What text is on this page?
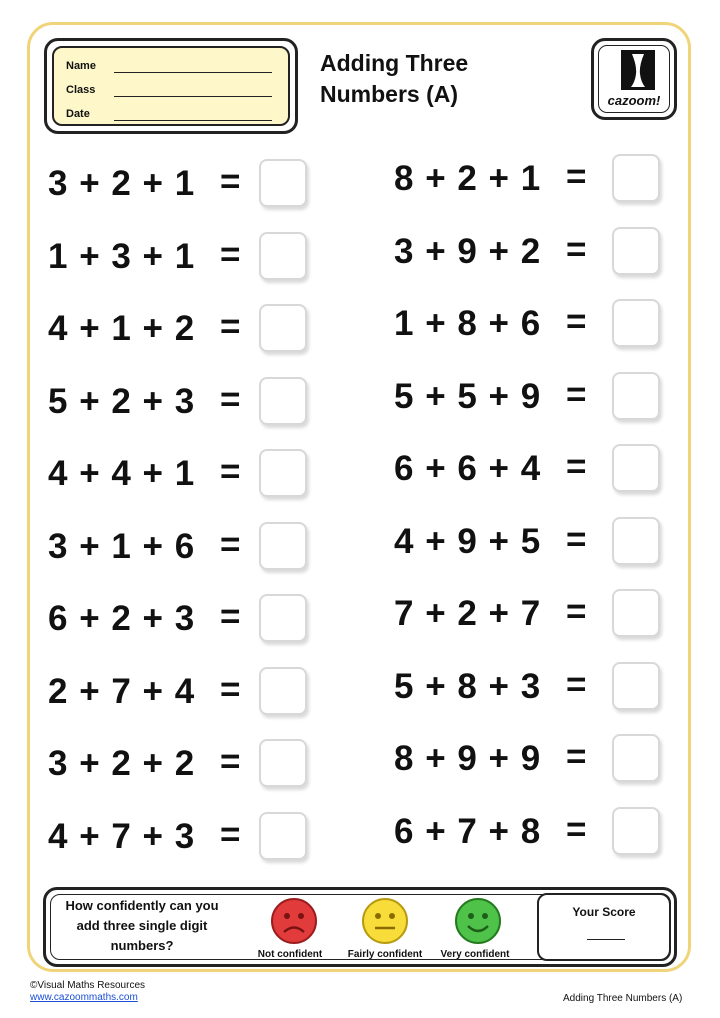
Name
Class
Date
Adding Three
Numbers (A)	cazoom!
3 + 2 + 1 =
1 + 3 + 1 =
4 + 1 + 2 =
5 + 2 + 3 =
4 + 4 + 1 =
3 + 1 + 6 =
6 + 2 + 3 =
2 + 7 + 4 =
3 + 2 + 2 =
4 + 7 + 3 =
8 + 2 + 1 =
3 + 9 + 2 =
1 + 8 + 6 =
5 + 5 + 9 =
6 + 6 + 4 =
4 + 9 + 5 =
7 + 2 + 7 =
5 + 8 + 3 =
8 + 9 + 9 =
6 + 7 + 8 =
How confidently can you add three single digit numbers?
Not confident	Fairly confident	Very confident
Your Score
©Visual Maths Resources
www.cazoommaths.com	Adding Three Numbers (A)
